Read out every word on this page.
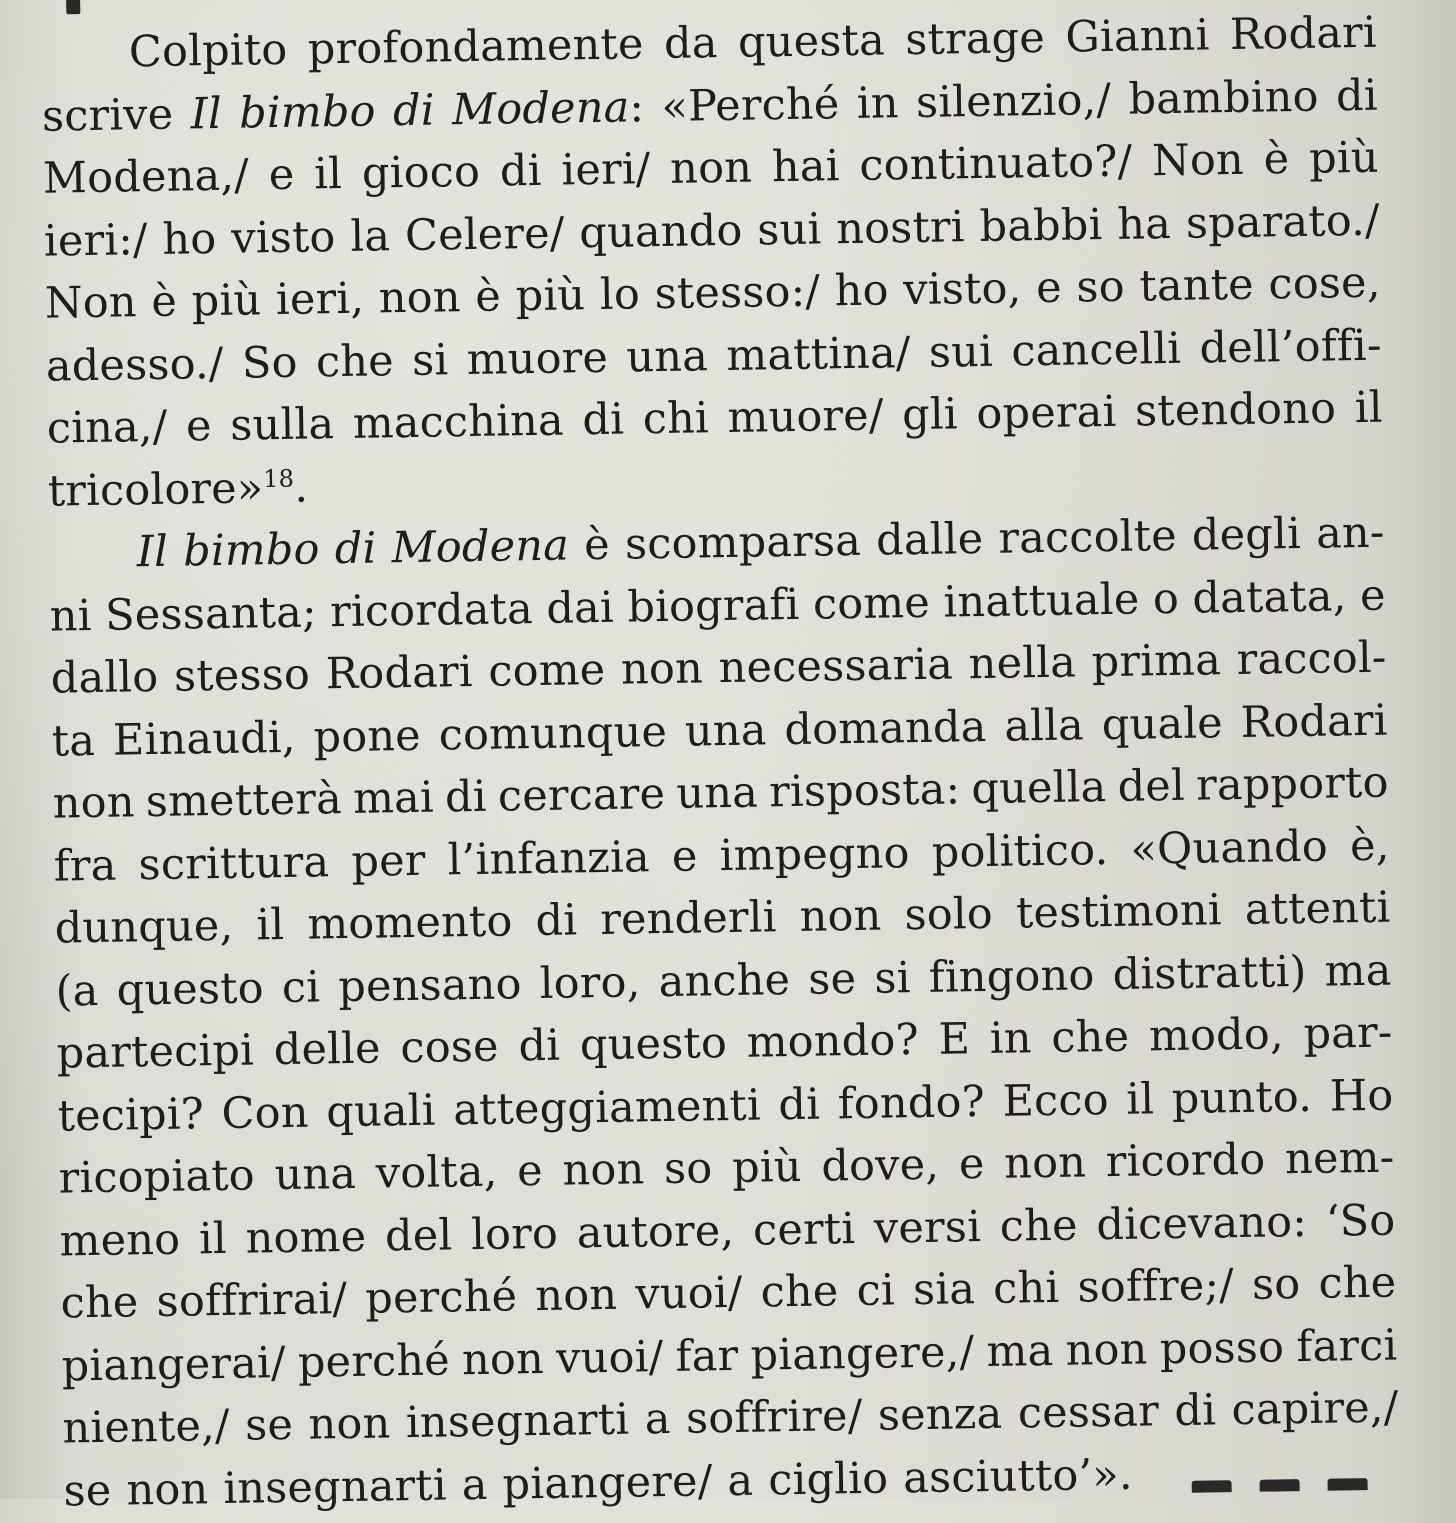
Colpito profondamente da questa strage Gianni Rodari
scrive Il bimbo di Modena: «Perché in silenzio,/ bambino di
Modena,/ e il gioco di ieri/ non hai continuato?/ Non è più
ieri:/ ho visto la Celere/ quando sui nostri babbi ha sparato./
Non è più ieri, non è più lo stesso:/ ho visto, e so tante cose,
adesso./ So che si muore una mattina/ sui cancelli dell’offi-
cina,/ e sulla macchina di chi muore/ gli operai stendono il
tricolore»$^{18}$.
Il bimbo di Modena è scomparsa dalle raccolte degli an-
ni Sessanta; ricordata dai biografi come inattuale o datata, e
dallo stesso Rodari come non necessaria nella prima raccol-
ta Einaudi, pone comunque una domanda alla quale Rodari
non smetterà mai di cercare una risposta: quella del rapporto
fra scrittura per l’infanzia e impegno politico. «Quando è,
dunque, il momento di renderli non solo testimoni attenti
(a questo ci pensano loro, anche se si fingono distratti) ma
partecipi delle cose di questo mondo? E in che modo, par-
tecipi? Con quali atteggiamenti di fondo? Ecco il punto. Ho
ricopiato una volta, e non so più dove, e non ricordo nem-
meno il nome del loro autore, certi versi che dicevano: ‘So
che soffrirai/ perché non vuoi/ che ci sia chi soffre;/ so che
piangerai/ perché non vuoi/ far piangere,/ ma non posso farci
niente,/ se non insegnarti a soffrire/ senza cessar di capire,/
se non insegnarti a piangere/ a ciglio asciutto’».
